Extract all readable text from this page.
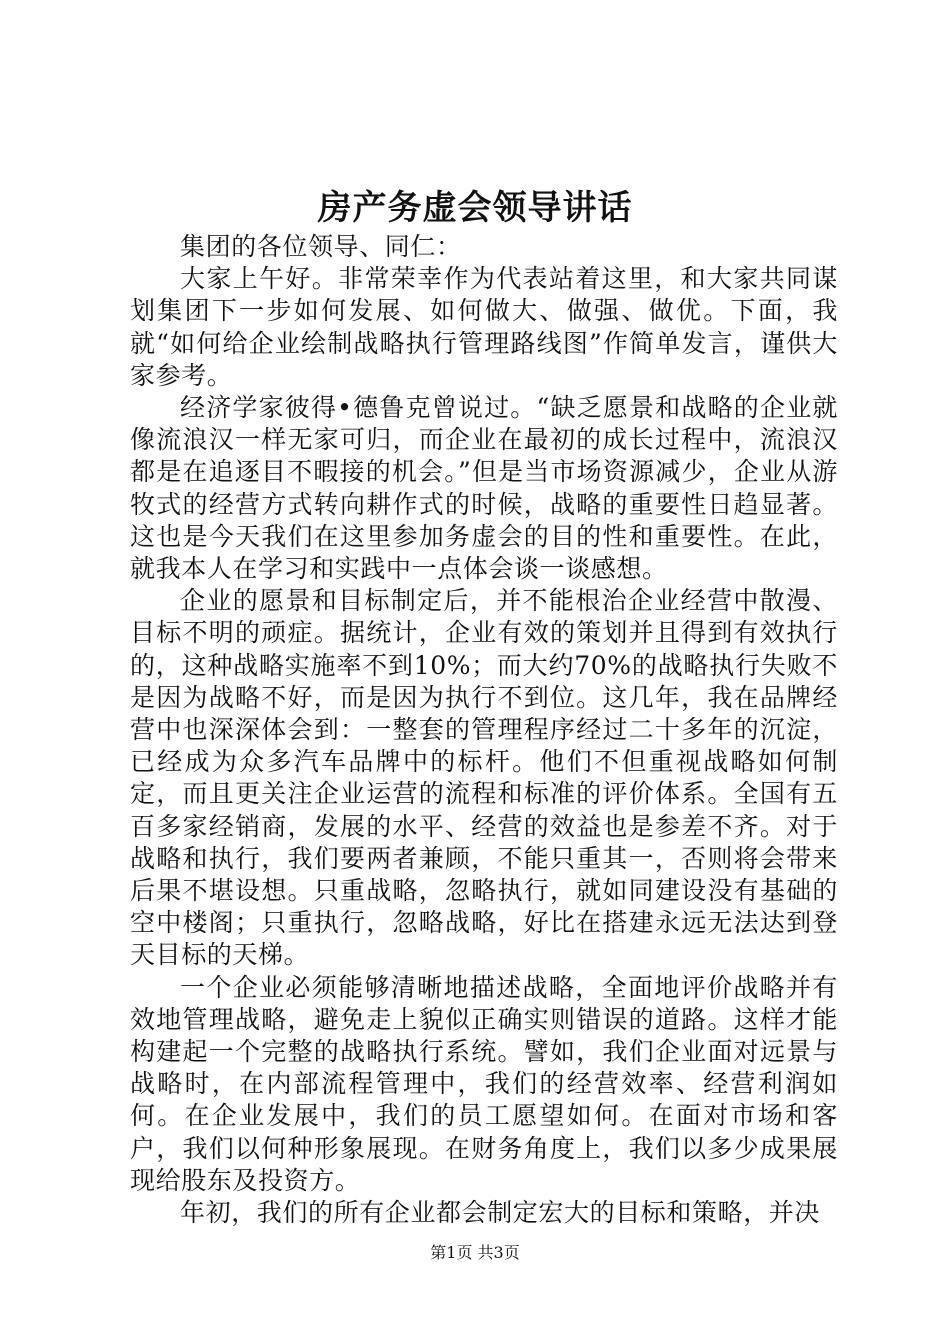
房产务虚会领导讲话

集团的各位领导、同仁：

大家上午好。非常荣幸作为代表站着这里，和大家共同谋划集团下一步如何发展、如何做大、做强、做优。下面，我就“如何给企业绘制战略执行管理路线图”作简单发言，谨供大家参考。

经济学家彼得•德鲁克曾说过。“缺乏愿景和战略的企业就像流浪汉一样无家可归，而企业在最初的成长过程中，流浪汉都是在追逐目不暇接的机会。”但是当市场资源减少，企业从游牧式的经营方式转向耕作式的时候，战略的重要性日趋显著。这也是今天我们在这里参加务虚会的目的性和重要性。在此，就我本人在学习和实践中一点体会谈一谈感想。

企业的愿景和目标制定后，并不能根治企业经营中散漫、目标不明的顽症。据统计，企业有效的策划并且得到有效执行的，这种战略实施率不到10%；而大约70%的战略执行失败不是因为战略不好，而是因为执行不到位。这几年，我在品牌经营中也深深体会到：一整套的管理程序经过二十多年的沉淀，已经成为众多汽车品牌中的标杆。他们不但重视战略如何制定，而且更关注企业运营的流程和标准的评价体系。全国有五百多家经销商，发展的水平、经营的效益也是参差不齐。对于战略和执行，我们要两者兼顾，不能只重其一，否则将会带来后果不堪设想。只重战略，忽略执行，就如同建设没有基础的空中楼阁；只重执行，忽略战略，好比在搭建永远无法达到登天目标的天梯。

一个企业必须能够清晰地描述战略，全面地评价战略并有效地管理战略，避免走上貌似正确实则错误的道路。这样才能构建起一个完整的战略执行系统。譬如，我们企业面对远景与战略时，在内部流程管理中，我们的经营效率、经营利润如何。在企业发展中，我们的员工愿望如何。在面对市场和客户，我们以何种形象展现。在财务角度上，我们以多少成果展现给股东及投资方。

年初，我们的所有企业都会制定宏大的目标和策略，并决

第1页 共3页
